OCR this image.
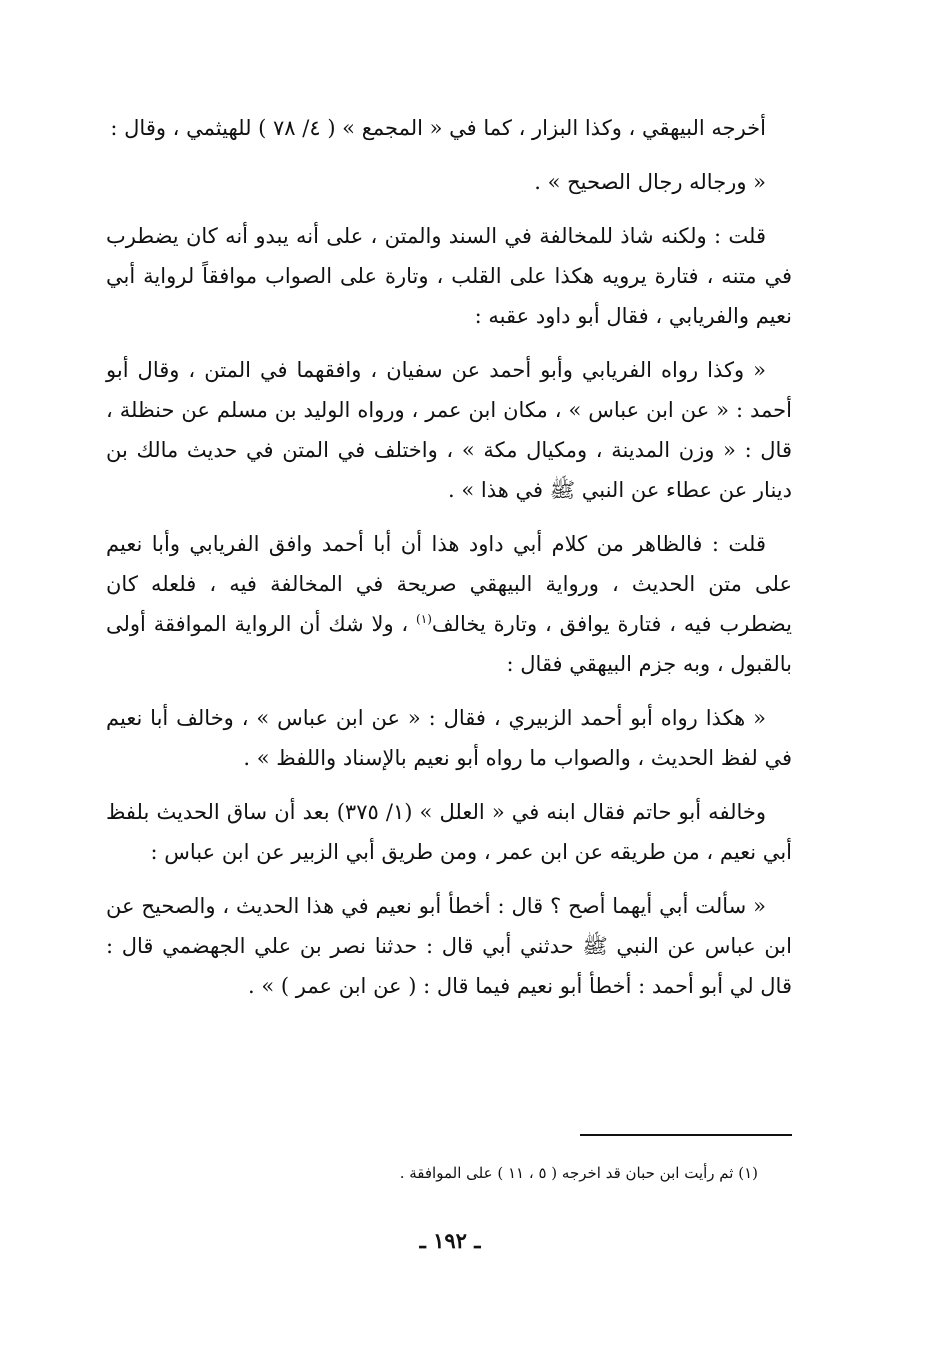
أخرجه البيهقي ، وكذا البزار ، كما في « المجمع » ( ٤/ ٧٨ ) للهيثمي ، وقال :

« ورجاله رجال الصحيح » .

قلت : ولكنه شاذ للمخالفة في السند والمتن ، على أنه يبدو أنه كان يضطرب في متنه ، فتارة يرويه هكذا على القلب ، وتارة على الصواب موافقاً لرواية أبي نعيم والفريابي ، فقال أبو داود عقبه :

« وكذا رواه الفريابي وأبو أحمد عن سفيان ، وافقهما في المتن ، وقال أبو أحمد : « عن ابن عباس » ، مكان ابن عمر ، ورواه الوليد بن مسلم عن حنظلة ، قال : « وزن المدينة ، ومكيال مكة » ، واختلف في المتن في حديث مالك بن دينار عن عطاء عن النبي ﷺ في هذا » .

قلت : فالظاهر من كلام أبي داود هذا أن أبا أحمد وافق الفريابي وأبا نعيم على متن الحديث ، ورواية البيهقي صريحة في المخالفة فيه ، فلعله كان يضطرب فيه ، فتارة يوافق ، وتارة يخالف$^{(١)}$ ، ولا شك أن الرواية الموافقة أولى بالقبول ، وبه جزم البيهقي فقال :

« هكذا رواه أبو أحمد الزبيري ، فقال : « عن ابن عباس » ، وخالف أبا نعيم في لفظ الحديث ، والصواب ما رواه أبو نعيم بالإسناد واللفظ » .

وخالفه أبو حاتم فقال ابنه في « العلل » (١/ ٣٧٥) بعد أن ساق الحديث بلفظ أبي نعيم ، من طريقه عن ابن عمر ، ومن طريق أبي الزبير عن ابن عباس :

« سألت أبي أيهما أصح ؟ قال : أخطأ أبو نعيم في هذا الحديث ، والصحيح عن ابن عباس عن النبي ﷺ حدثني أبي قال : حدثنا نصر بن علي الجهضمي قال : قال لي أبو أحمد : أخطأ أبو نعيم فيما قال : ( عن ابن عمر ) » .

(١) ثم رأيت ابن حبان قد اخرجه ( ٥ ، ١١ ) على الموافقة .
ـ ١٩٢ ـ
